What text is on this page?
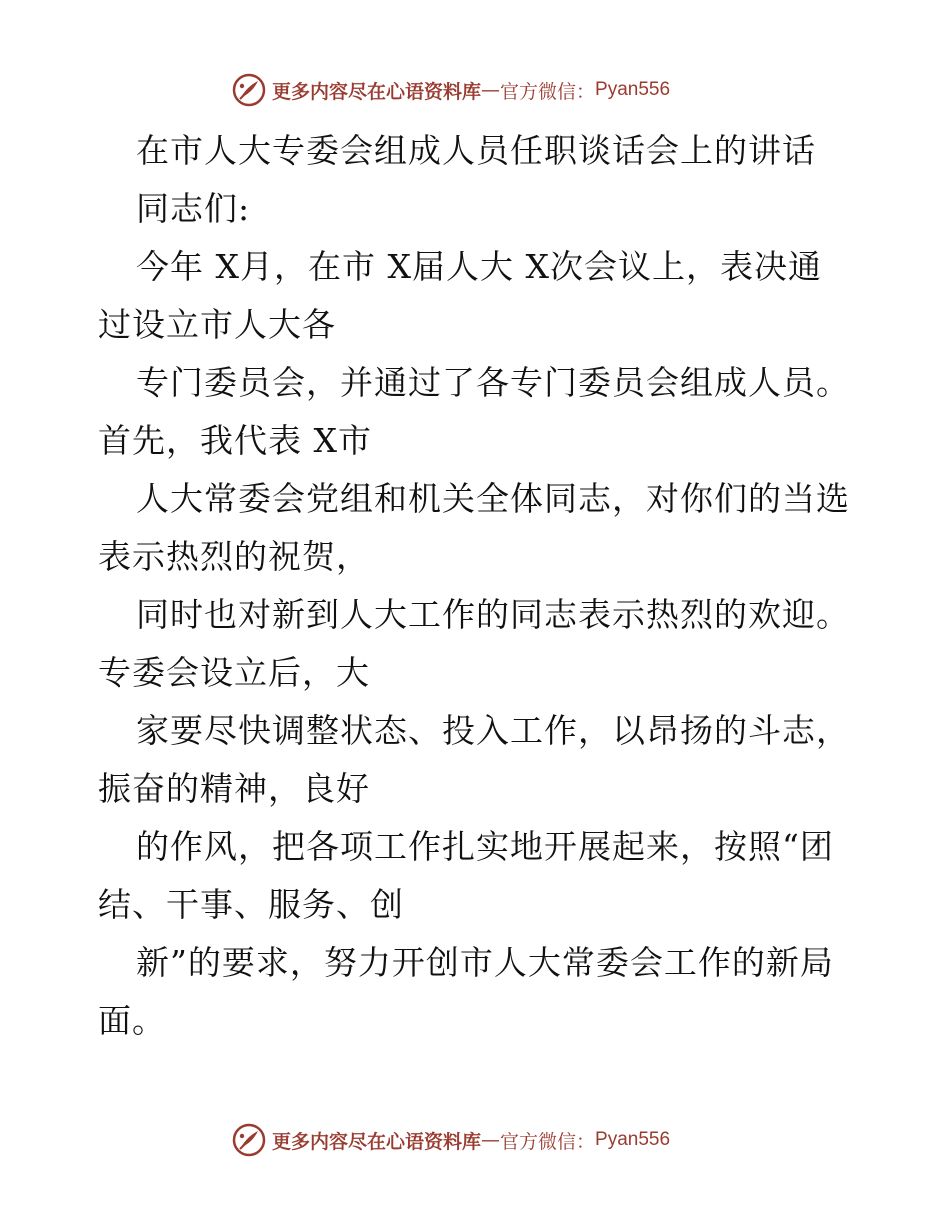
更多内容尽在心语资料库 — 官方微信： Pyan556
在市人大专委会组成人员任职谈话会上的讲话
同志们:
今年 X月，在市 X届人大 X次会议上，表决通
过设立市人大各
专门委员会，并通过了各专门委员会组成人员。
首先，我代表 X市
人大常委会党组和机关全体同志，对你们的当选
表示热烈的祝贺，
同时也对新到人大工作的同志表示热烈的欢迎。
专委会设立后，大
家要尽快调整状态、投入工作，以昂扬的斗志，
振奋的精神，良好
的作风，把各项工作扎实地开展起来，按照“团
结、干事、服务、创
新”的要求，努力开创市人大常委会工作的新局
面。
更多内容尽在心语资料库 — 官方微信： Pyan556
